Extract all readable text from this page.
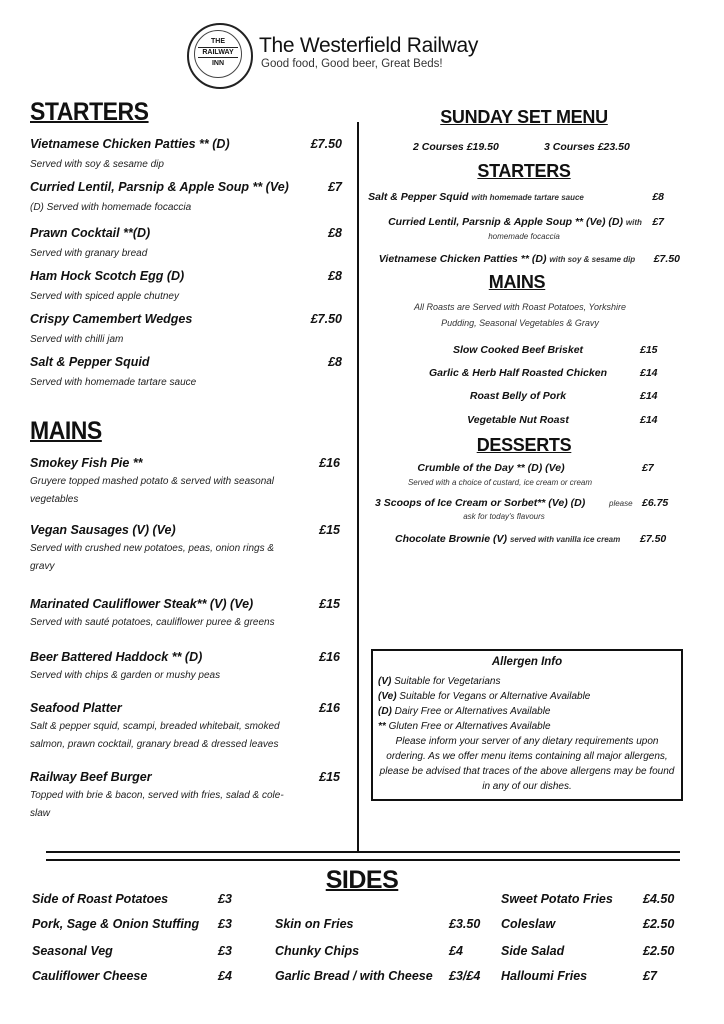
THE
RAILWAY
INN
The Westerfield Railway
Good food, Good beer, Great Beds!
Allergen Info
(V) Suitable for Vegetarians
(Ve) Suitable for Vegans or Alternative Available
(D) Dairy Free or Alternatives Available
** Gluten Free or Alternatives Available
Please inform your server of any dietary requirements upon
ordering. As we offer menu items containing all major allergens,
please be advised that traces of the above allergens may be found
in any of our dishes.
STARTERS
Vietnamese Chicken Patties ** (D)	£7.50
Served with soy & sesame dip
Curried Lentil, Parsnip & Apple Soup ** (Ve)	£7
(D) Served with homemade focaccia
Prawn Cocktail **(D)	£8
Served with granary bread
Ham Hock Scotch Egg (D)	£8
Served with spiced apple chutney
Crispy Camembert Wedges	£7.50
Served with chilli jam
Salt & Pepper Squid	£8
Served with homemade tartare sauce
MAINS
Smokey Fish Pie **	£16
Gruyere topped mashed potato & served with seasonal
vegetables
Vegan Sausages (V) (Ve)	£15
Served with crushed new potatoes, peas, onion rings &
gravy
Marinated Cauliflower Steak** (V) (Ve)	£15
Served with sauté potatoes, cauliflower puree & greens
Beer Battered Haddock ** (D)	£16
Served with chips & garden or mushy peas
Seafood Platter	£16
Salt & pepper squid, scampi, breaded whitebait, smoked
salmon, prawn cocktail, granary bread & dressed leaves
Railway Beef Burger	£15
Topped with brie & bacon, served with fries, salad & cole-
slaw
SUNDAY SET MENU
2 Courses £19.50	3 Courses £23.50
STARTERS
Salt & Pepper Squid with homemade tartare sauce	£8
Curried Lentil, Parsnip & Apple Soup ** (Ve) (D) with £7
homemade focaccia
Vietnamese Chicken Patties ** (D) with soy & sesame dip £7.50
MAINS
All Roasts are Served with Roast Potatoes, Yorkshire
Pudding, Seasonal Vegetables & Gravy
Slow Cooked Beef Brisket	£15
Garlic & Herb Half Roasted Chicken	£14
Roast Belly of Pork	£14
Vegetable Nut Roast	£14
DESSERTS
Crumble of the Day ** (D) (Ve)	£7
Served with a choice of custard, ice cream or cream
3 Scoops of Ice Cream or Sorbet** (Ve) (D)	please £6.75
ask for today's flavours
Chocolate Brownie (V) served with vanilla ice cream £7.50
SIDES
Side of Roast Potatoes	£3
Pork, Sage & Onion Stuffing £3
Seasonal Veg	£3
Cauliflower Cheese	£4
Skin on Fries	£3.50
Chunky Chips	£4
Garlic Bread / with Cheese £3/£4
Sweet Potato Fries £4.50
Coleslaw	£2.50
Side Salad	£2.50
Halloumi Fries	£7
